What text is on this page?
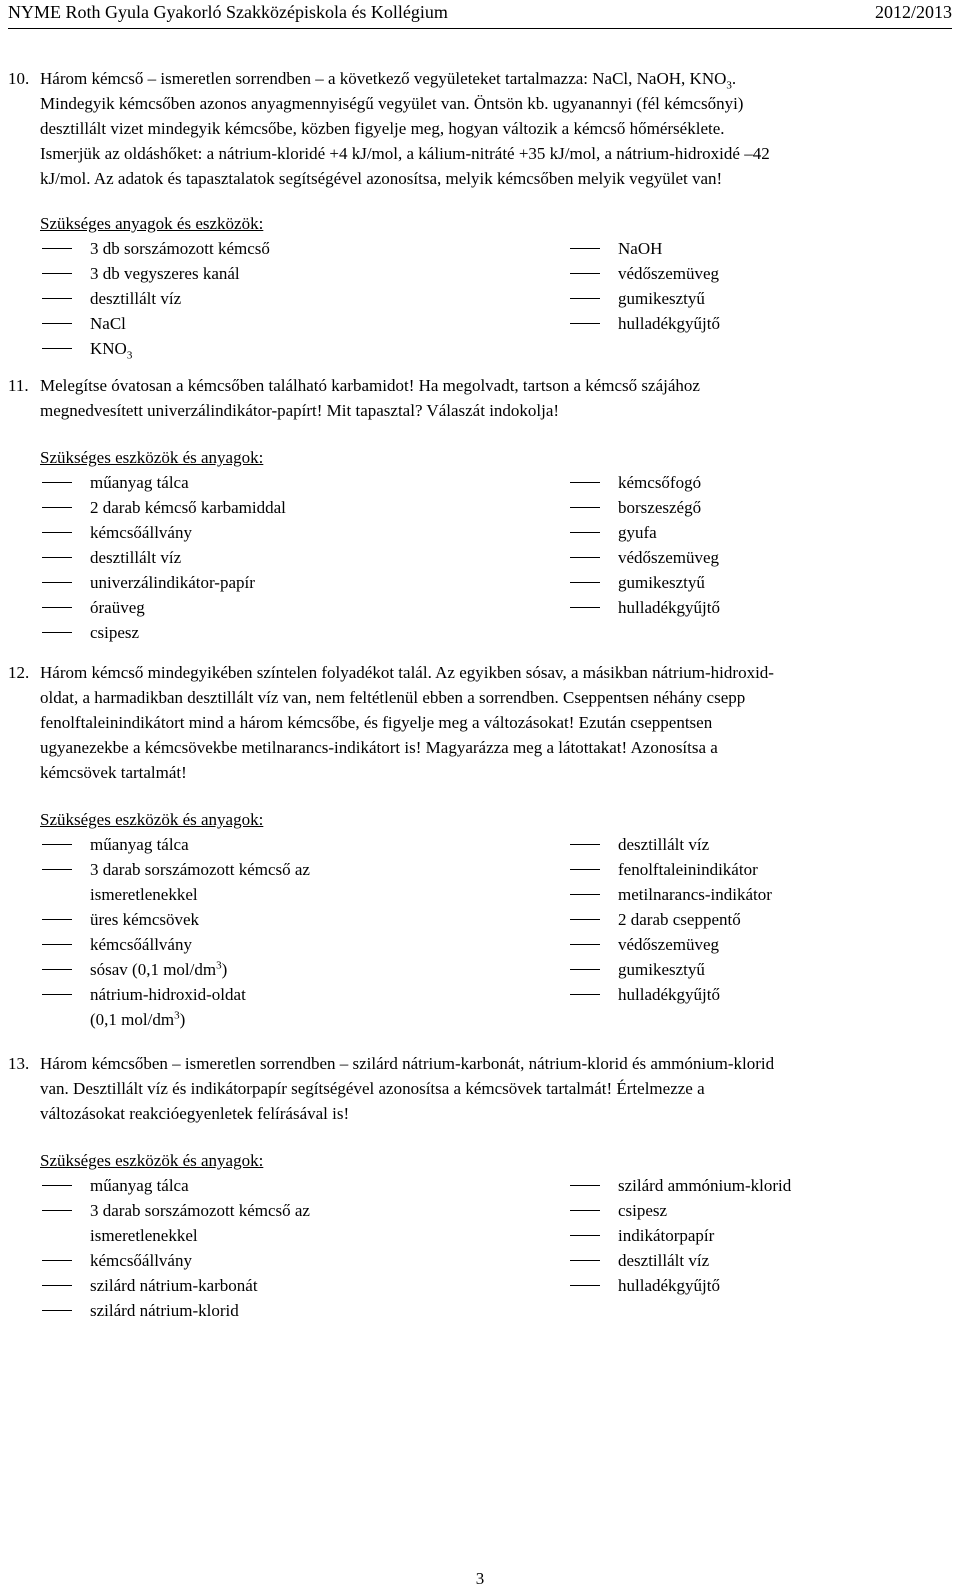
NYME Roth Gyula Gyakorló Szakközépiskola és Kollégium	2012/2013
10. Három kémcső – ismeretlen sorrendben – a következő vegyületeket tartalmazza: NaCl, NaOH, $KNO_3$.
Mindegyik kémcsőben azonos anyagmennyiségű vegyület van. Öntsön kb. ugyanannyi (fél kémcsőnyi)
desztillált vizet mindegyik kémcsőbe, közben figyelje meg, hogyan változik a kémcső hőmérséklete.
Ismerjük az oldáshőket: a nátrium-kloridé +4 kJ/mol, a kálium-nitráté +35 kJ/mol, a nátrium-hidroxidé –42
kJ/mol. Az adatok és tapasztalatok segítségével azonosítsa, melyik kémcsőben melyik vegyület van!
Szükséges anyagok és eszközök:
3 db sorszámozott kémcső
3 db vegyszeres kanál
desztillált víz
NaCl
$KNO_3$
NaOH
védőszemüveg
gumikesztyű
hulladékgyűjtő
11. Melegítse óvatosan a kémcsőben található karbamidot! Ha megolvadt, tartson a kémcső szájához
megnedvesített univerzálindikátor-papírt! Mit tapasztal? Válaszát indokolja!
Szükséges eszközök és anyagok:
műanyag tálca
2 darab kémcső karbamiddal
kémcsőállvány
desztillált víz
univerzálindikátor-papír
óraüveg
csipesz
kémcsőfogó
borszeszégő
gyufa
védőszemüveg
gumikesztyű
hulladékgyűjtő
12. Három kémcső mindegyikében színtelen folyadékot talál. Az egyikben sósav, a másikban nátrium-hidroxid-
oldat, a harmadikban desztillált víz van, nem feltétlenül ebben a sorrendben. Cseppentsen néhány csepp
fenolftaleinindikátort mind a három kémcsőbe, és figyelje meg a változásokat! Ezután cseppentsen
ugyanezekbe a kémcsövekbe metilnarancs-indikátort is! Magyarázza meg a látottakat! Azonosítsa a
kémcsövek tartalmát!
Szükséges eszközök és anyagok:
műanyag tálca
3 darab sorszámozott kémcső az
ismeretlenekkel
üres kémcsövek
kémcsőállvány
sósav (0,1 mol/$dm^3$)
nátrium-hidroxid-oldat
(0,1 mol/$dm^3$)
desztillált víz
fenolftaleinindikátor
metilnarancs-indikátor
2 darab cseppentő
védőszemüveg
gumikesztyű
hulladékgyűjtő
13. Három kémcsőben – ismeretlen sorrendben – szilárd nátrium-karbonát, nátrium-klorid és ammónium-klorid
van. Desztillált víz és indikátorpapír segítségével azonosítsa a kémcsövek tartalmát! Értelmezze a
változásokat reakcióegyenletek felírásával is!
Szükséges eszközök és anyagok:
műanyag tálca
3 darab sorszámozott kémcső az
ismeretlenekkel
kémcsőállvány
szilárd nátrium-karbonát
szilárd nátrium-klorid
szilárd ammónium-klorid
csipesz
indikátorpapír
desztillált víz
hulladékgyűjtő
3
